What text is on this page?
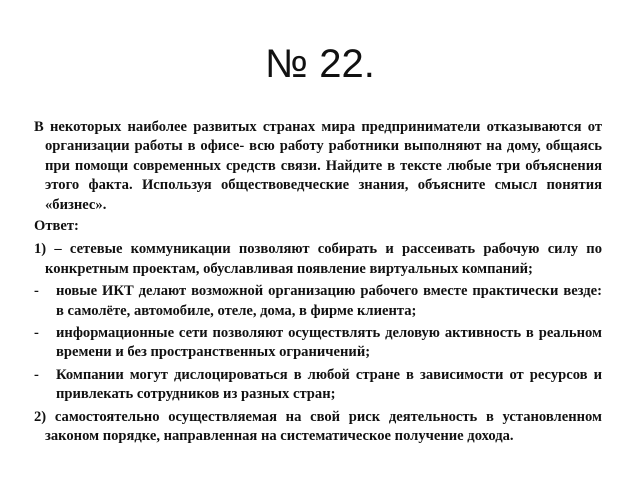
№ 22.

В некоторых наиболее развитых странах мира предприниматели отказываются от организации работы в офисе- всю работу работники выполняют на дому, общаясь при помощи современных средств связи. Найдите в тексте любые три объяснения этого факта. Используя обществоведческие знания, объясните смысл понятия «бизнес».

Ответ:

1) – сетевые коммуникации позволяют собирать и рассеивать рабочую силу по конкретным проектам, обуславливая появление виртуальных компаний;

- новые ИКТ делают возможной организацию рабочего вместе практически везде: в самолёте, автомобиле, отеле, дома, в фирме клиента;
- информационные сети позволяют осуществлять деловую активность в реальном времени и без пространственных ограничений;
- Компании могут дислоцироваться в любой стране в зависимости от ресурсов и привлекать сотрудников из разных стран;

2) самостоятельно осуществляемая на свой риск деятельность в установленном законом порядке, направленная на систематическое получение дохода.
